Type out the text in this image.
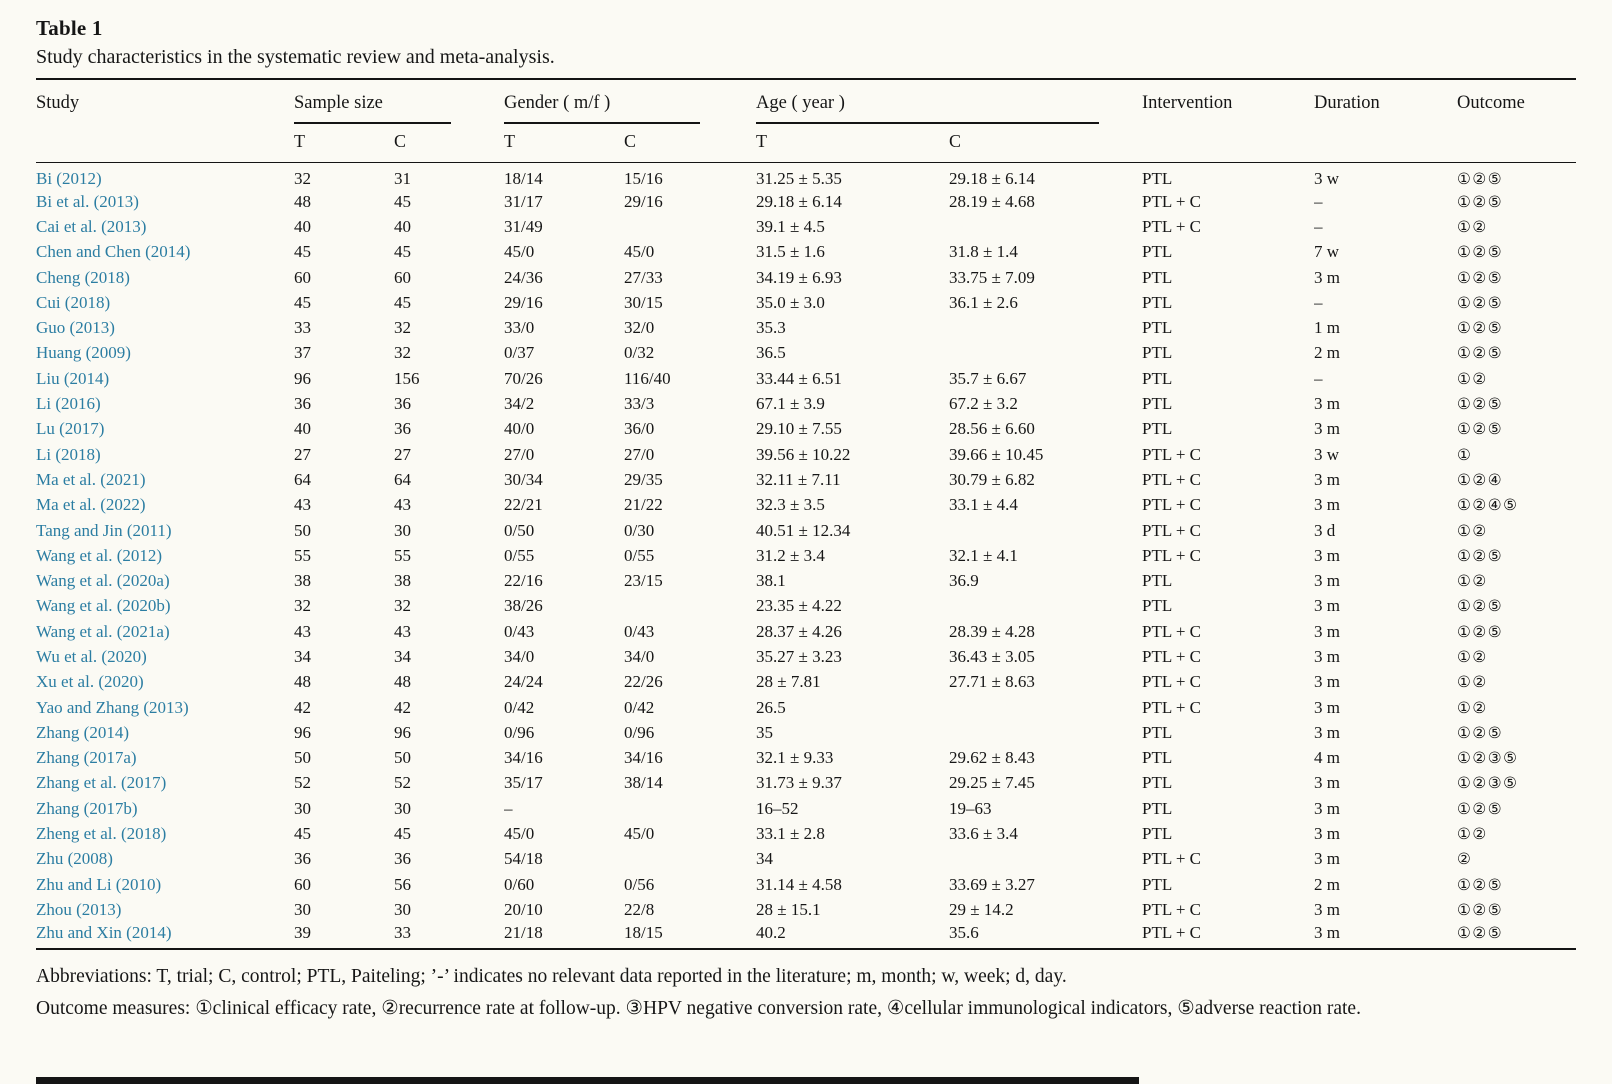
Table 1
Study characteristics in the systematic review and meta-analysis.
Study	Sample size		Gender ( m/f )		Age ( year )		Intervention	Duration	Outcome
	T	C	T	C	T	C			
Bi (2012)	32	31	18/14	15/16	31.25 ± 5.35	29.18 ± 6.14	PTL	3 w	①②⑤
Bi et al. (2013)	48	45	31/17	29/16	29.18 ± 6.14	28.19 ± 4.68	PTL + C	–	①②⑤
Cai et al. (2013)	40	40	31/49		39.1 ± 4.5		PTL + C	–	①②
Chen and Chen (2014)	45	45	45/0	45/0	31.5 ± 1.6	31.8 ± 1.4	PTL	7 w	①②⑤
Cheng (2018)	60	60	24/36	27/33	34.19 ± 6.93	33.75 ± 7.09	PTL	3 m	①②⑤
Cui (2018)	45	45	29/16	30/15	35.0 ± 3.0	36.1 ± 2.6	PTL	–	①②⑤
Guo (2013)	33	32	33/0	32/0	35.3		PTL	1 m	①②⑤
Huang (2009)	37	32	0/37	0/32	36.5		PTL	2 m	①②⑤
Liu (2014)	96	156	70/26	116/40	33.44 ± 6.51	35.7 ± 6.67	PTL	–	①②
Li (2016)	36	36	34/2	33/3	67.1 ± 3.9	67.2 ± 3.2	PTL	3 m	①②⑤
Lu (2017)	40	36	40/0	36/0	29.10 ± 7.55	28.56 ± 6.60	PTL	3 m	①②⑤
Li (2018)	27	27	27/0	27/0	39.56 ± 10.22	39.66 ± 10.45	PTL + C	3 w	①
Ma et al. (2021)	64	64	30/34	29/35	32.11 ± 7.11	30.79 ± 6.82	PTL + C	3 m	①②④
Ma et al. (2022)	43	43	22/21	21/22	32.3 ± 3.5	33.1 ± 4.4	PTL + C	3 m	①②④⑤
Tang and Jin (2011)	50	30	0/50	0/30	40.51 ± 12.34		PTL + C	3 d	①②
Wang et al. (2012)	55	55	0/55	0/55	31.2 ± 3.4	32.1 ± 4.1	PTL + C	3 m	①②⑤
Wang et al. (2020a)	38	38	22/16	23/15	38.1	36.9	PTL	3 m	①②
Wang et al. (2020b)	32	32	38/26		23.35 ± 4.22		PTL	3 m	①②⑤
Wang et al. (2021a)	43	43	0/43	0/43	28.37 ± 4.26	28.39 ± 4.28	PTL + C	3 m	①②⑤
Wu et al. (2020)	34	34	34/0	34/0	35.27 ± 3.23	36.43 ± 3.05	PTL + C	3 m	①②
Xu et al. (2020)	48	48	24/24	22/26	28 ± 7.81	27.71 ± 8.63	PTL + C	3 m	①②
Yao and Zhang (2013)	42	42	0/42	0/42	26.5		PTL + C	3 m	①②
Zhang (2014)	96	96	0/96	0/96	35		PTL	3 m	①②⑤
Zhang (2017a)	50	50	34/16	34/16	32.1 ± 9.33	29.62 ± 8.43	PTL	4 m	①②③⑤
Zhang et al. (2017)	52	52	35/17	38/14	31.73 ± 9.37	29.25 ± 7.45	PTL	3 m	①②③⑤
Zhang (2017b)	30	30	–		16–52	19–63	PTL	3 m	①②⑤
Zheng et al. (2018)	45	45	45/0	45/0	33.1 ± 2.8	33.6 ± 3.4	PTL	3 m	①②
Zhu (2008)	36	36	54/18		34		PTL + C	3 m	②
Zhu and Li (2010)	60	56	0/60	0/56	31.14 ± 4.58	33.69 ± 3.27	PTL	2 m	①②⑤
Zhou (2013)	30	30	20/10	22/8	28 ± 15.1	29 ± 14.2	PTL + C	3 m	①②⑤
Zhu and Xin (2014)	39	33	21/18	18/15	40.2	35.6	PTL + C	3 m	①②⑤
Abbreviations: T, trial; C, control; PTL, Paiteling; ’-’ indicates no relevant data reported in the literature; m, month; w, week; d, day.
Outcome measures: ①clinical efficacy rate, ②recurrence rate at follow-up. ③HPV negative conversion rate, ④cellular immunological indicators, ⑤adverse reaction rate.
